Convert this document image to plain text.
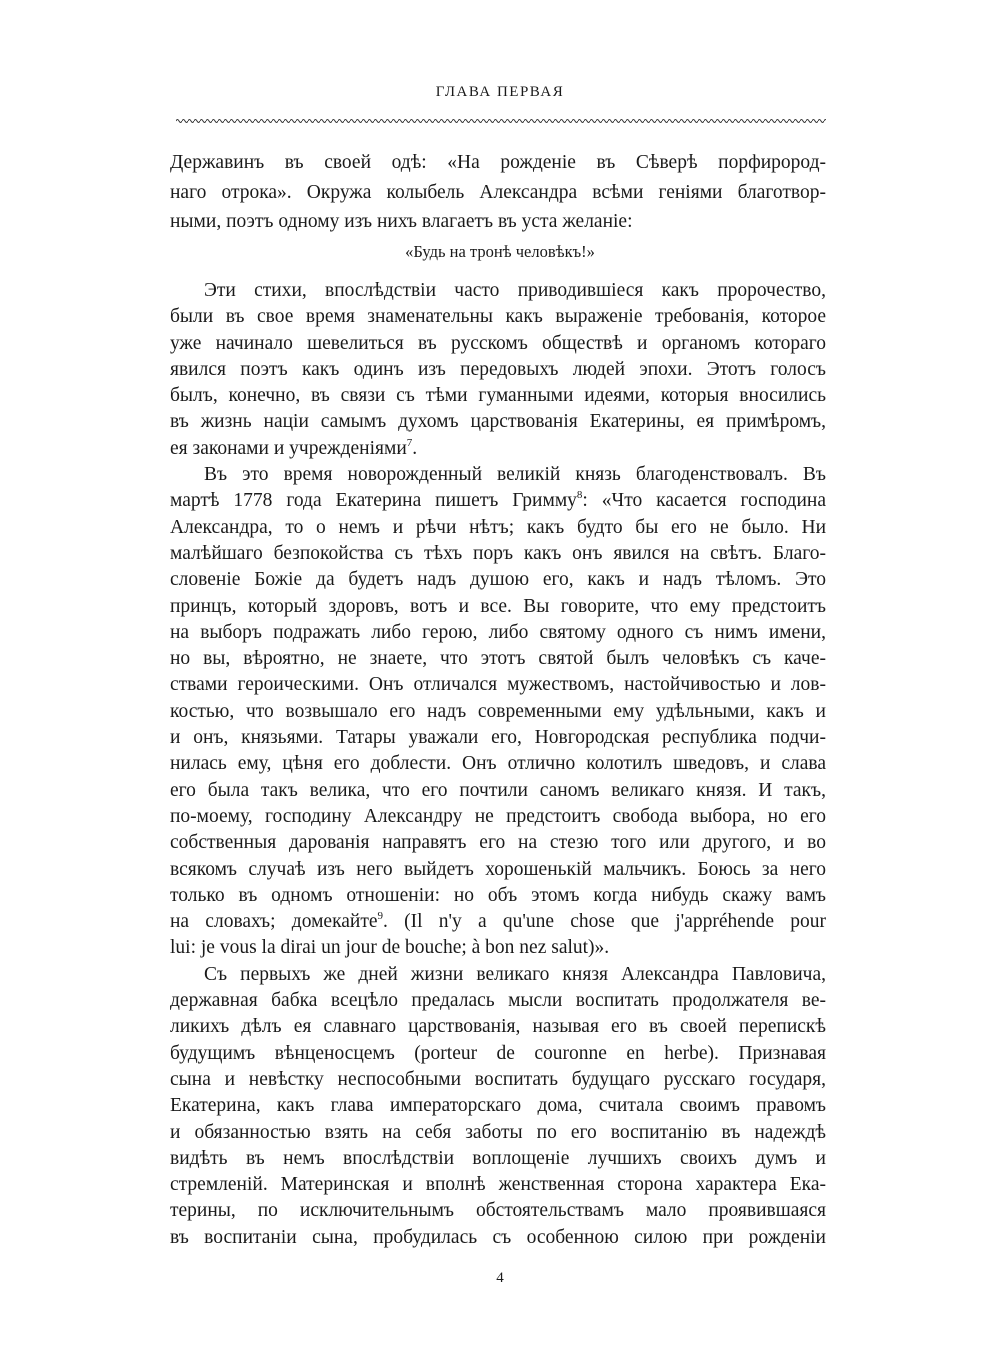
ГЛАВА ПЕРВАЯ
Державинъ въ своей одѣ: «На рожденіе въ Сѣверѣ порфирород-
наго отрока». Окружа колыбель Александра всѣми геніями благотвор-
ными, поэтъ одному изъ нихъ влагаетъ въ уста желаніе:
«Будь на тронѣ человѣкъ!»
Эти стихи, впослѣдствіи часто приводившіеся какъ пророчество,
были въ свое время знаменательны какъ выраженіе требованія, которое
уже начинало шевелиться въ русскомъ обществѣ и органомъ котораго
явился поэтъ какъ одинъ изъ передовыхъ людей эпохи. Этотъ голосъ
былъ, конечно, въ связи съ тѣми гуманными идеями, которыя вносились
въ жизнь націи самымъ духомъ царствованія Екатерины, ея примѣромъ,
ея законами и учрежденіями$^7$.
Въ это время новорожденный великій князь благоденствовалъ. Въ
мартѣ 1778 года Екатерина пишетъ Гримму$^8$: «Что касается господина
Александра, то о немъ и рѣчи нѣтъ; какъ будто бы его не было. Ни
малѣйшаго безпокойства съ тѣхъ поръ какъ онъ явился на свѣтъ. Благо-
словеніе Божіе да будетъ надъ душою его, какъ и надъ тѣломъ. Это
принцъ, который здоровъ, вотъ и все. Вы говорите, что ему предстоитъ
на выборъ подражать либо герою, либо святому одного съ нимъ имени,
но вы, вѣроятно, не знаете, что этотъ святой былъ человѣкъ съ каче-
ствами героическими. Онъ отличался мужествомъ, настойчивостью и лов-
костью, что возвышало его надъ современными ему удѣльными, какъ и
и онъ, князьями. Татары уважали его, Новгородская республика подчи-
нилась ему, цѣня его доблести. Онъ отлично колотилъ шведовъ, и слава
его была такъ велика, что его почтили саномъ великаго князя. И такъ,
по-моему, господину Александру не предстоитъ свобода выбора, но его
собственныя дарованія направятъ его на стезю того или другого, и во
всякомъ случаѣ изъ него выйдетъ хорошенькій мальчикъ. Боюсь за него
только въ одномъ отношеніи: но объ этомъ когда нибудь скажу вамъ
на словахъ; домекайте$^9$. (Il n'y a qu'une chose que j'appréhende pour
lui: je vous la dirai un jour de bouche; à bon nez salut)».
Съ первыхъ же дней жизни великаго князя Александра Павловича,
державная бабка всецѣло предалась мысли воспитать продолжателя ве-
ликихъ дѣлъ ея славнаго царствованія, называя его въ своей перепискѣ
будущимъ вѣнценосцемъ (porteur de couronne en herbe). Признавая
сына и невѣстку неспособными воспитать будущаго русскаго государя,
Екатерина, какъ глава императорскаго дома, считала своимъ правомъ
и обязанностью взять на себя заботы по его воспитанію въ надеждѣ
видѣть въ немъ впослѣдствіи воплощеніе лучшихъ своихъ думъ и
стремленій. Материнская и вполнѣ женственная сторона характера Ека-
терины, по исключительнымъ обстоятельствамъ мало проявившаяся
въ воспитаніи сына, пробудилась съ особенною силою при рожденіи
4
